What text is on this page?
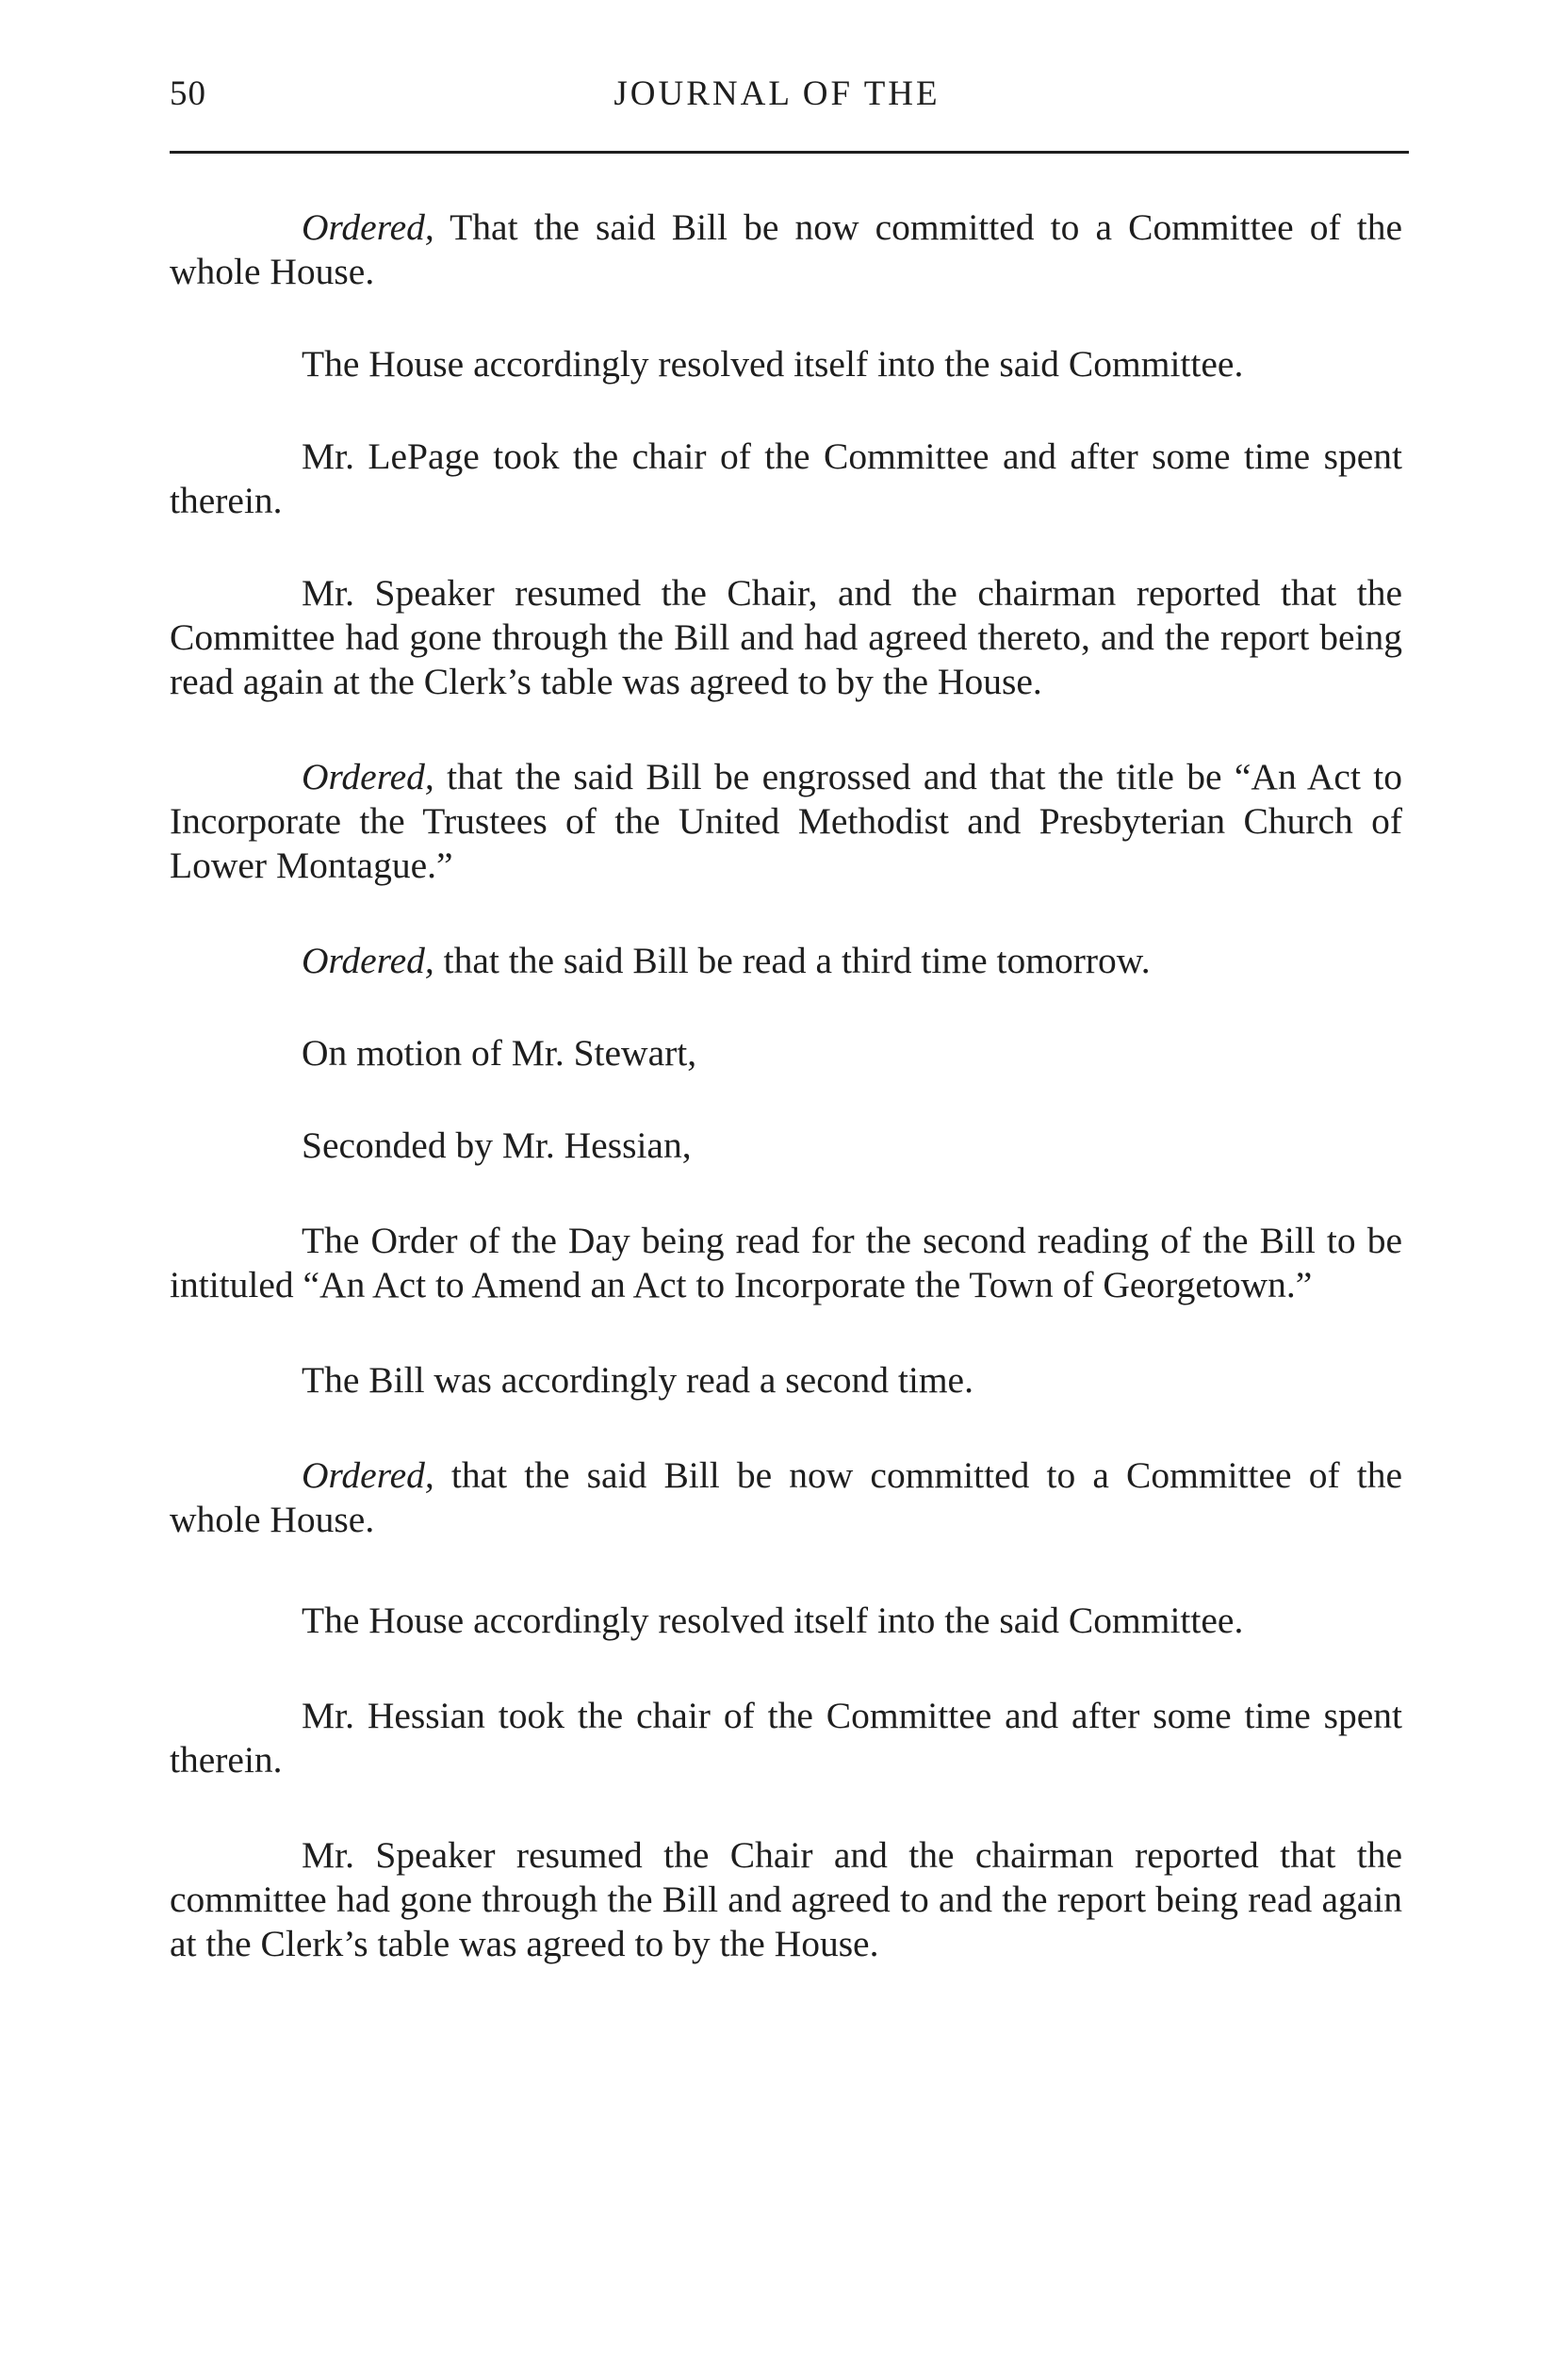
50	JOURNAL OF THE

Ordered, That the said Bill be now committed to a Committee of the whole House.

The House accordingly resolved itself into the said Committee.

Mr. LePage took the chair of the Committee and after some time spent therein.

Mr. Speaker resumed the Chair, and the chairman reported that the Committee had gone through the Bill and had agreed thereto, and the report being read again at the Clerk’s table was agreed to by the House.

Ordered, that the said Bill be engrossed and that the title be “An Act to Incorporate the Trustees of the United Methodist and Presbyterian Church of Lower Montague.”

Ordered, that the said Bill be read a third time tomorrow.

On motion of Mr. Stewart,

Seconded by Mr. Hessian,

The Order of the Day being read for the second reading of the Bill to be intituled “An Act to Amend an Act to Incorporate the Town of Georgetown.”

The Bill was accordingly read a second time.

Ordered, that the said Bill be now committed to a Committee of the whole House.

The House accordingly resolved itself into the said Committee.

Mr. Hessian took the chair of the Committee and after some time spent therein.

Mr. Speaker resumed the Chair and the chairman reported that the committee had gone through the Bill and agreed to and the report being read again at the Clerk’s table was agreed to by the House.
